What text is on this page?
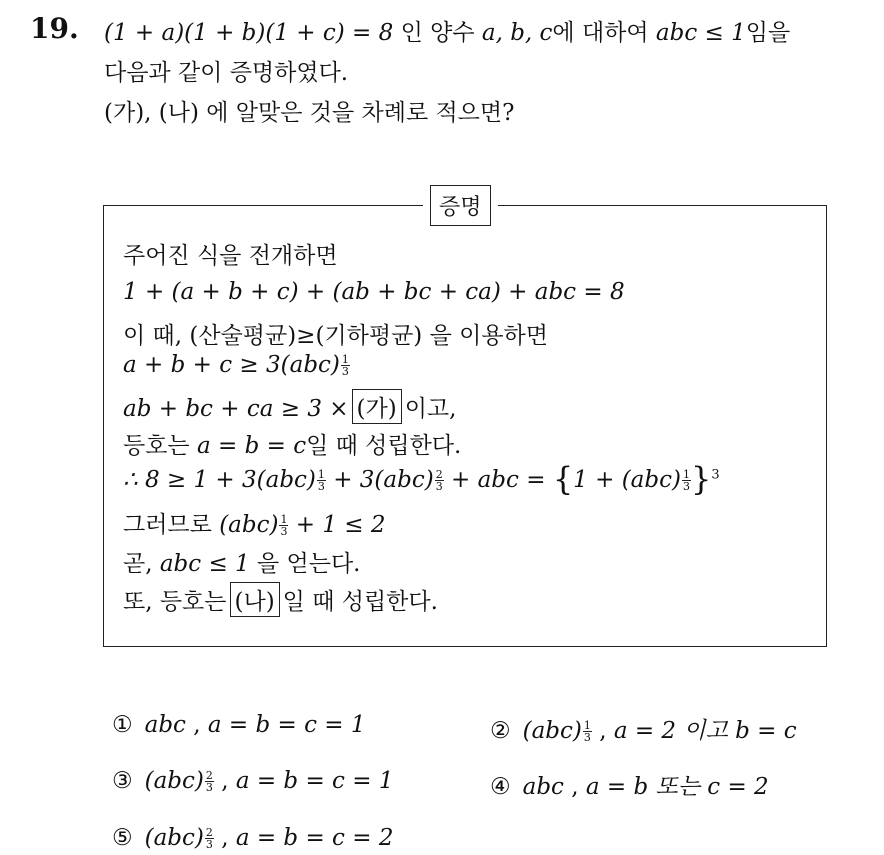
19. (1 + a)(1 + b)(1 + c) = 8 인 양수 a, b, c에 대하여 abc ≤ 1임을
다음과 같이 증명하였다.
(가), (나) 에 알맞은 것을 차례로 적으면?
증명
주어진 식을 전개하면
1 + (a + b + c) + (ab + bc + ca) + abc = 8
이 때, (산술평균)≥(기하평균) 을 이용하면
$a + b + c \ge 3(abc) \frac{1}{3}$
ab + bc + ca ≥ 3 × (가) 이고,
등호는 a = b = c일 때 성립한다.
∴ $8 \ge 1 + 3(abc) \frac{1}{3} + 3(abc) \frac{2}{3}$ + abc = $\{1 + (abc) \frac{1}{3} \}^3$
그러므로 $(abc) \frac{1}{3} + 1 \le 2$
곧, abc ≤ 1 을 얻는다.
또, 등호는 (나) 일 때 성립한다.
① abc , a = b = c = 1	② $(abc) \frac{1}{3}$ , a = 2 이고 b = c
③ $(abc) \frac{2}{3}$ , a = b = c = 1	④ abc , a = b 또는 c = 2
⑤ $(abc) \frac{2}{3}$ , a = b = c = 2
